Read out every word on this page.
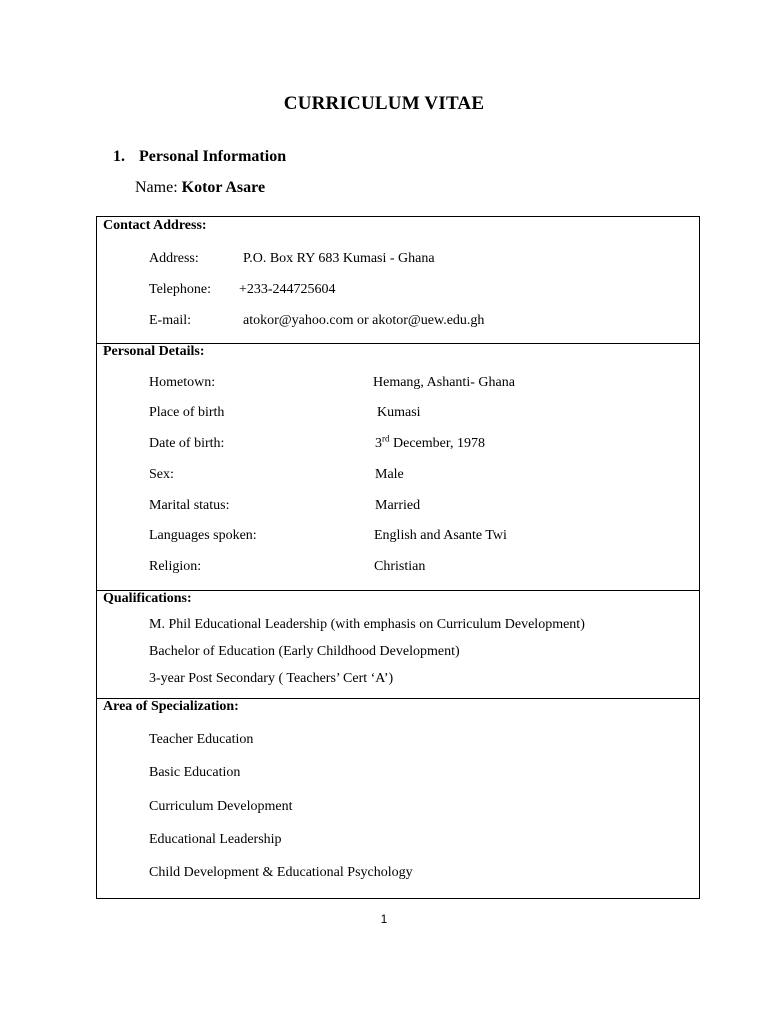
CURRICULUM VITAE
1. Personal Information
Name: Kotor Asare
Contact Address:
Address:	P.O. Box RY 683 Kumasi - Ghana
Telephone: +233-244725604
E-mail:	atokor@yahoo.com or akotor@uew.edu.gh
Personal Details:
Hometown:	Hemang, Ashanti- Ghana
Place of birth	Kumasi
Date of birth:	3rd December, 1978
Sex:	Male
Marital status:	Married
Languages spoken:	English and Asante Twi
Religion:	Christian
Qualifications:
M. Phil Educational Leadership (with emphasis on Curriculum Development)
Bachelor of Education (Early Childhood Development)
3-year Post Secondary ( Teachers’ Cert ‘A’)
Area of Specialization:
Teacher Education
Basic Education
Curriculum Development
Educational Leadership
Child Development & Educational Psychology
1
